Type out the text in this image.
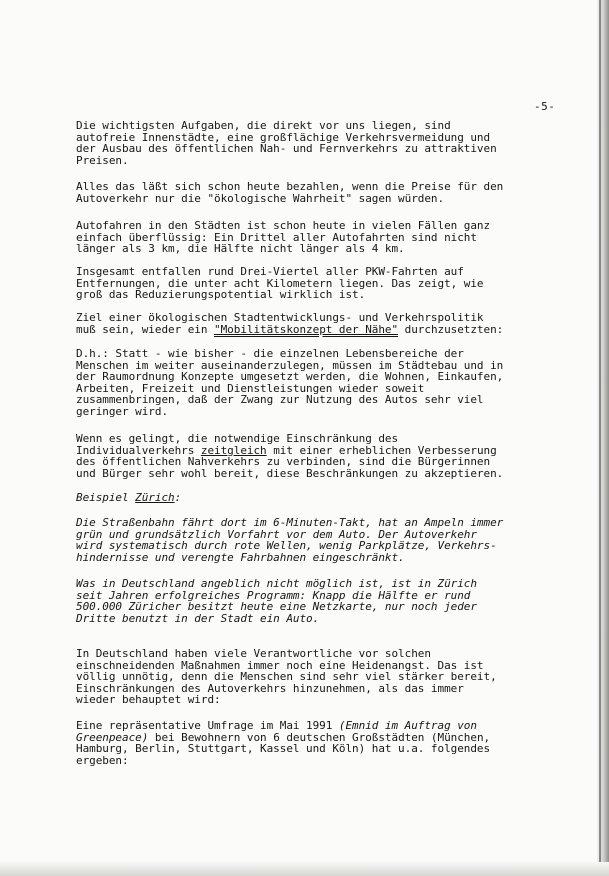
-5-

Die wichtigsten Aufgaben, die direkt vor uns liegen, sind
autofreie Innenstädte, eine großflächige Verkehrsvermeidung und
der Ausbau des öffentlichen Nah- und Fernverkehrs zu attraktiven
Preisen.

Alles das läßt sich schon heute bezahlen, wenn die Preise für den
Autoverkehr nur die "ökologische Wahrheit" sagen würden.

Autofahren in den Städten ist schon heute in vielen Fällen ganz
einfach überflüssig: Ein Drittel aller Autofahrten sind nicht
länger als 3 km, die Hälfte nicht länger als 4 km.

Insgesamt entfallen rund Drei-Viertel aller PKW-Fahrten auf
Entfernungen, die unter acht Kilometern liegen. Das zeigt, wie
groß das Reduzierungspotential wirklich ist.

Ziel einer ökologischen Stadtentwicklungs- und Verkehrspolitik
muß sein, wieder ein "Mobilitätskonzept der Nähe" durchzusetzten:

D.h.: Statt - wie bisher - die einzelnen Lebensbereiche der
Menschen im weiter auseinanderzulegen, müssen im Städtebau und in
der Raumordnung Konzepte umgesetzt werden, die Wohnen, Einkaufen,
Arbeiten, Freizeit und Dienstleistungen wieder soweit
zusammenbringen, daß der Zwang zur Nutzung des Autos sehr viel
geringer wird.

Wenn es gelingt, die notwendige Einschränkung des
Individualverkehrs zeitgleich mit einer erheblichen Verbesserung
des öffentlichen Nahverkehrs zu verbinden, sind die Bürgerinnen
und Bürger sehr wohl bereit, diese Beschränkungen zu akzeptieren.

Beispiel Zürich:

Die Straßenbahn fährt dort im 6-Minuten-Takt, hat an Ampeln immer
grün und grundsätzlich Vorfahrt vor dem Auto. Der Autoverkehr
wird systematisch durch rote Wellen, wenig Parkplätze, Verkehrs-
hindernisse und verengte Fahrbahnen eingeschränkt.

Was in Deutschland angeblich nicht möglich ist, ist in Zürich
seit Jahren erfolgreiches Programm: Knapp die Hälfte er rund
500.000 Züricher besitzt heute eine Netzkarte, nur noch jeder
Dritte benutzt in der Stadt ein Auto.

In Deutschland haben viele Verantwortliche vor solchen
einschneidenden Maßnahmen immer noch eine Heidenangst. Das ist
völlig unnötig, denn die Menschen sind sehr viel stärker bereit,
Einschränkungen des Autoverkehrs hinzunehmen, als das immer
wieder behauptet wird:

Eine repräsentative Umfrage im Mai 1991 (Emnid im Auftrag von
Greenpeace) bei Bewohnern von 6 deutschen Großstädten (München,
Hamburg, Berlin, Stuttgart, Kassel und Köln) hat u.a. folgendes
ergeben:
